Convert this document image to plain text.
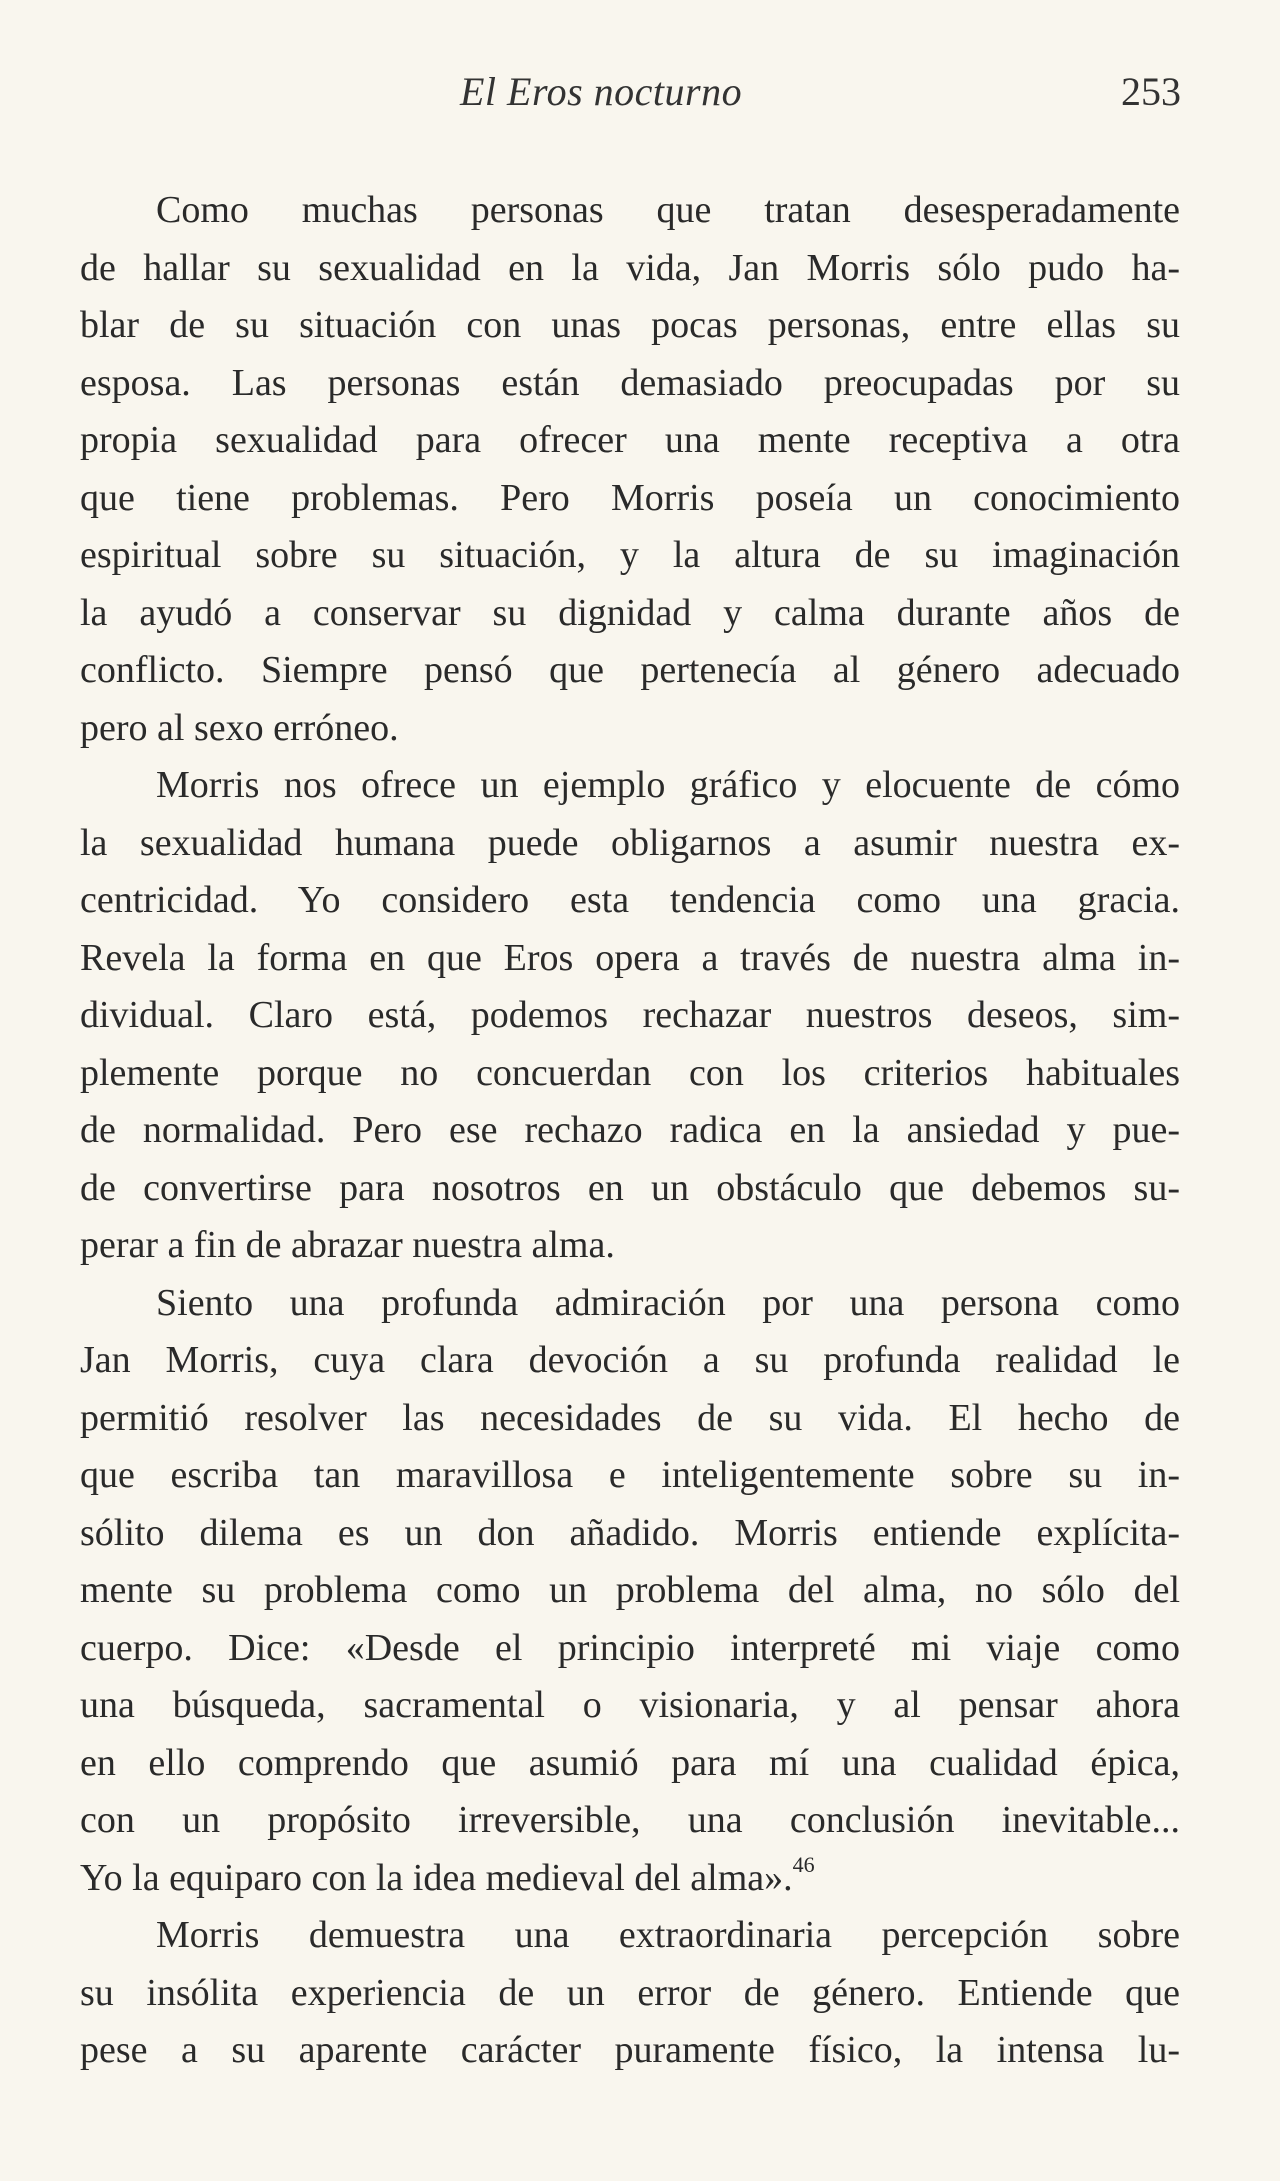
El Eros nocturno	253
Como muchas personas que tratan desesperadamente
de hallar su sexualidad en la vida, Jan Morris sólo pudo ha-
blar de su situación con unas pocas personas, entre ellas su
esposa. Las personas están demasiado preocupadas por su
propia sexualidad para ofrecer una mente receptiva a otra
que tiene problemas. Pero Morris poseía un conocimiento
espiritual sobre su situación, y la altura de su imaginación
la ayudó a conservar su dignidad y calma durante años de
conflicto. Siempre pensó que pertenecía al género adecuado
pero al sexo erróneo.
Morris nos ofrece un ejemplo gráfico y elocuente de cómo
la sexualidad humana puede obligarnos a asumir nuestra ex-
centricidad. Yo considero esta tendencia como una gracia.
Revela la forma en que Eros opera a través de nuestra alma in-
dividual. Claro está, podemos rechazar nuestros deseos, sim-
plemente porque no concuerdan con los criterios habituales
de normalidad. Pero ese rechazo radica en la ansiedad y pue-
de convertirse para nosotros en un obstáculo que debemos su-
perar a fin de abrazar nuestra alma.
Siento una profunda admiración por una persona como
Jan Morris, cuya clara devoción a su profunda realidad le
permitió resolver las necesidades de su vida. El hecho de
que escriba tan maravillosa e inteligentemente sobre su in-
sólito dilema es un don añadido. Morris entiende explícita-
mente su problema como un problema del alma, no sólo del
cuerpo. Dice: «Desde el principio interpreté mi viaje como
una búsqueda, sacramental o visionaria, y al pensar ahora
en ello comprendo que asumió para mí una cualidad épica,
con un propósito irreversible, una conclusión inevitable...
Yo la equiparo con la idea medieval del alma».$^{46}$
Morris demuestra una extraordinaria percepción sobre
su insólita experiencia de un error de género. Entiende que
pese a su aparente carácter puramente físico, la intensa lu-
